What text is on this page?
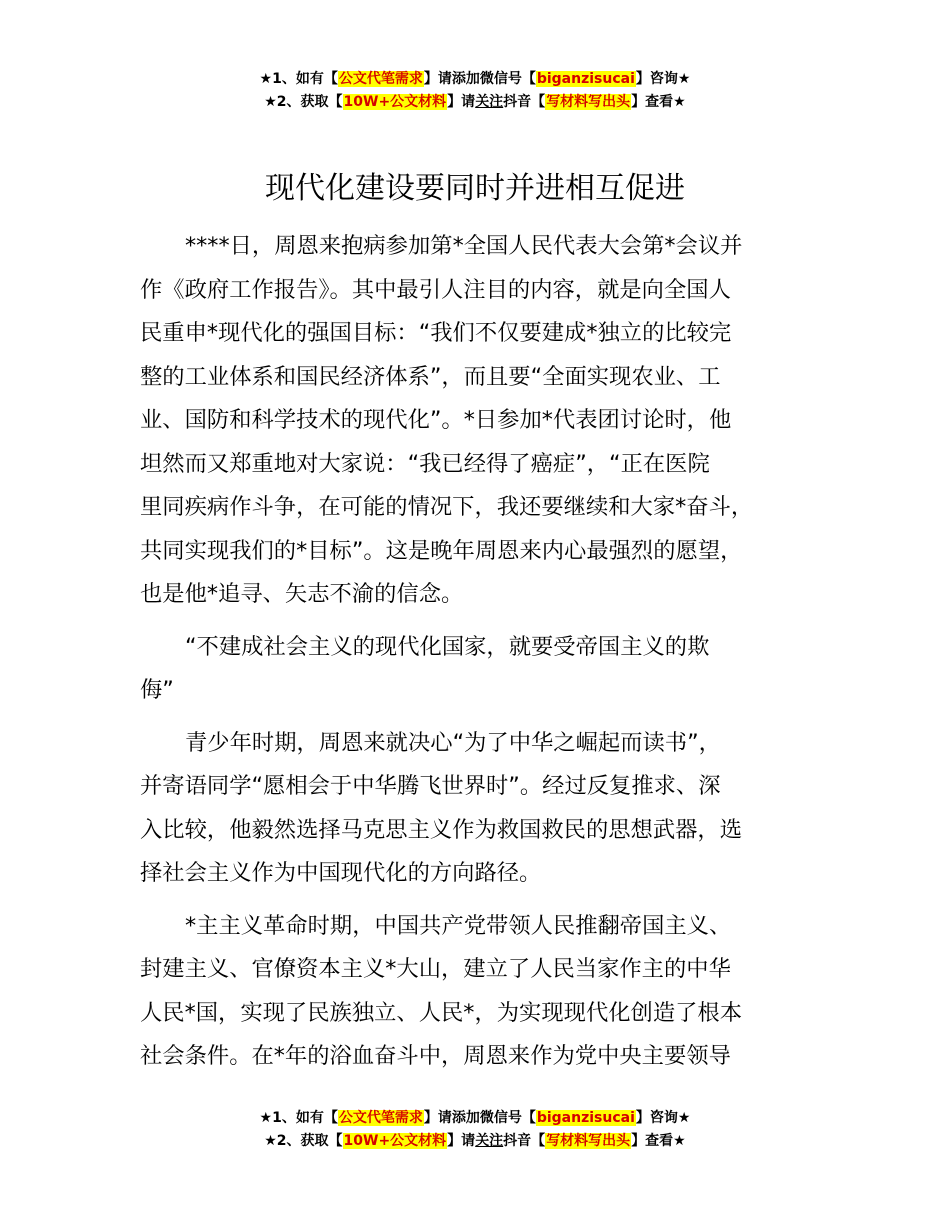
★1、如有【公文代笔需求】请添加微信号【biganzisucai】咨询★
★2、获取【10W+公文材料】请关注抖音【写材料写出头】查看★
现代化建设要同时并进相互促进

****日，周恩来抱病参加第*全国人民代表大会第*会议并
作《政府工作报告》。其中最引人注目的内容，就是向全国人
民重申*现代化的强国目标：“我们不仅要建成*独立的比较完
整的工业体系和国民经济体系”，而且要“全面实现农业、工
业、国防和科学技术的现代化”。*日参加*代表团讨论时，他
坦然而又郑重地对大家说：“我已经得了癌症”，“正在医院
里同疾病作斗争，在可能的情况下，我还要继续和大家*奋斗，
共同实现我们的*目标”。这是晚年周恩来内心最强烈的愿望，
也是他*追寻、矢志不渝的信念。

“不建成社会主义的现代化国家，就要受帝国主义的欺
侮”

青少年时期，周恩来就决心“为了中华之崛起而读书”，
并寄语同学“愿相会于中华腾飞世界时”。经过反复推求、深
入比较，他毅然选择马克思主义作为救国救民的思想武器，选
择社会主义作为中国现代化的方向路径。

*主主义革命时期，中国共产党带领人民推翻帝国主义、
封建主义、官僚资本主义*大山，建立了人民当家作主的中华
人民*国，实现了民族独立、人民*，为实现现代化创造了根本
社会条件。在*年的浴血奋斗中，周恩来作为党中央主要领导

★1、如有【公文代笔需求】请添加微信号【biganzisucai】咨询★
★2、获取【10W+公文材料】请关注抖音【写材料写出头】查看★
